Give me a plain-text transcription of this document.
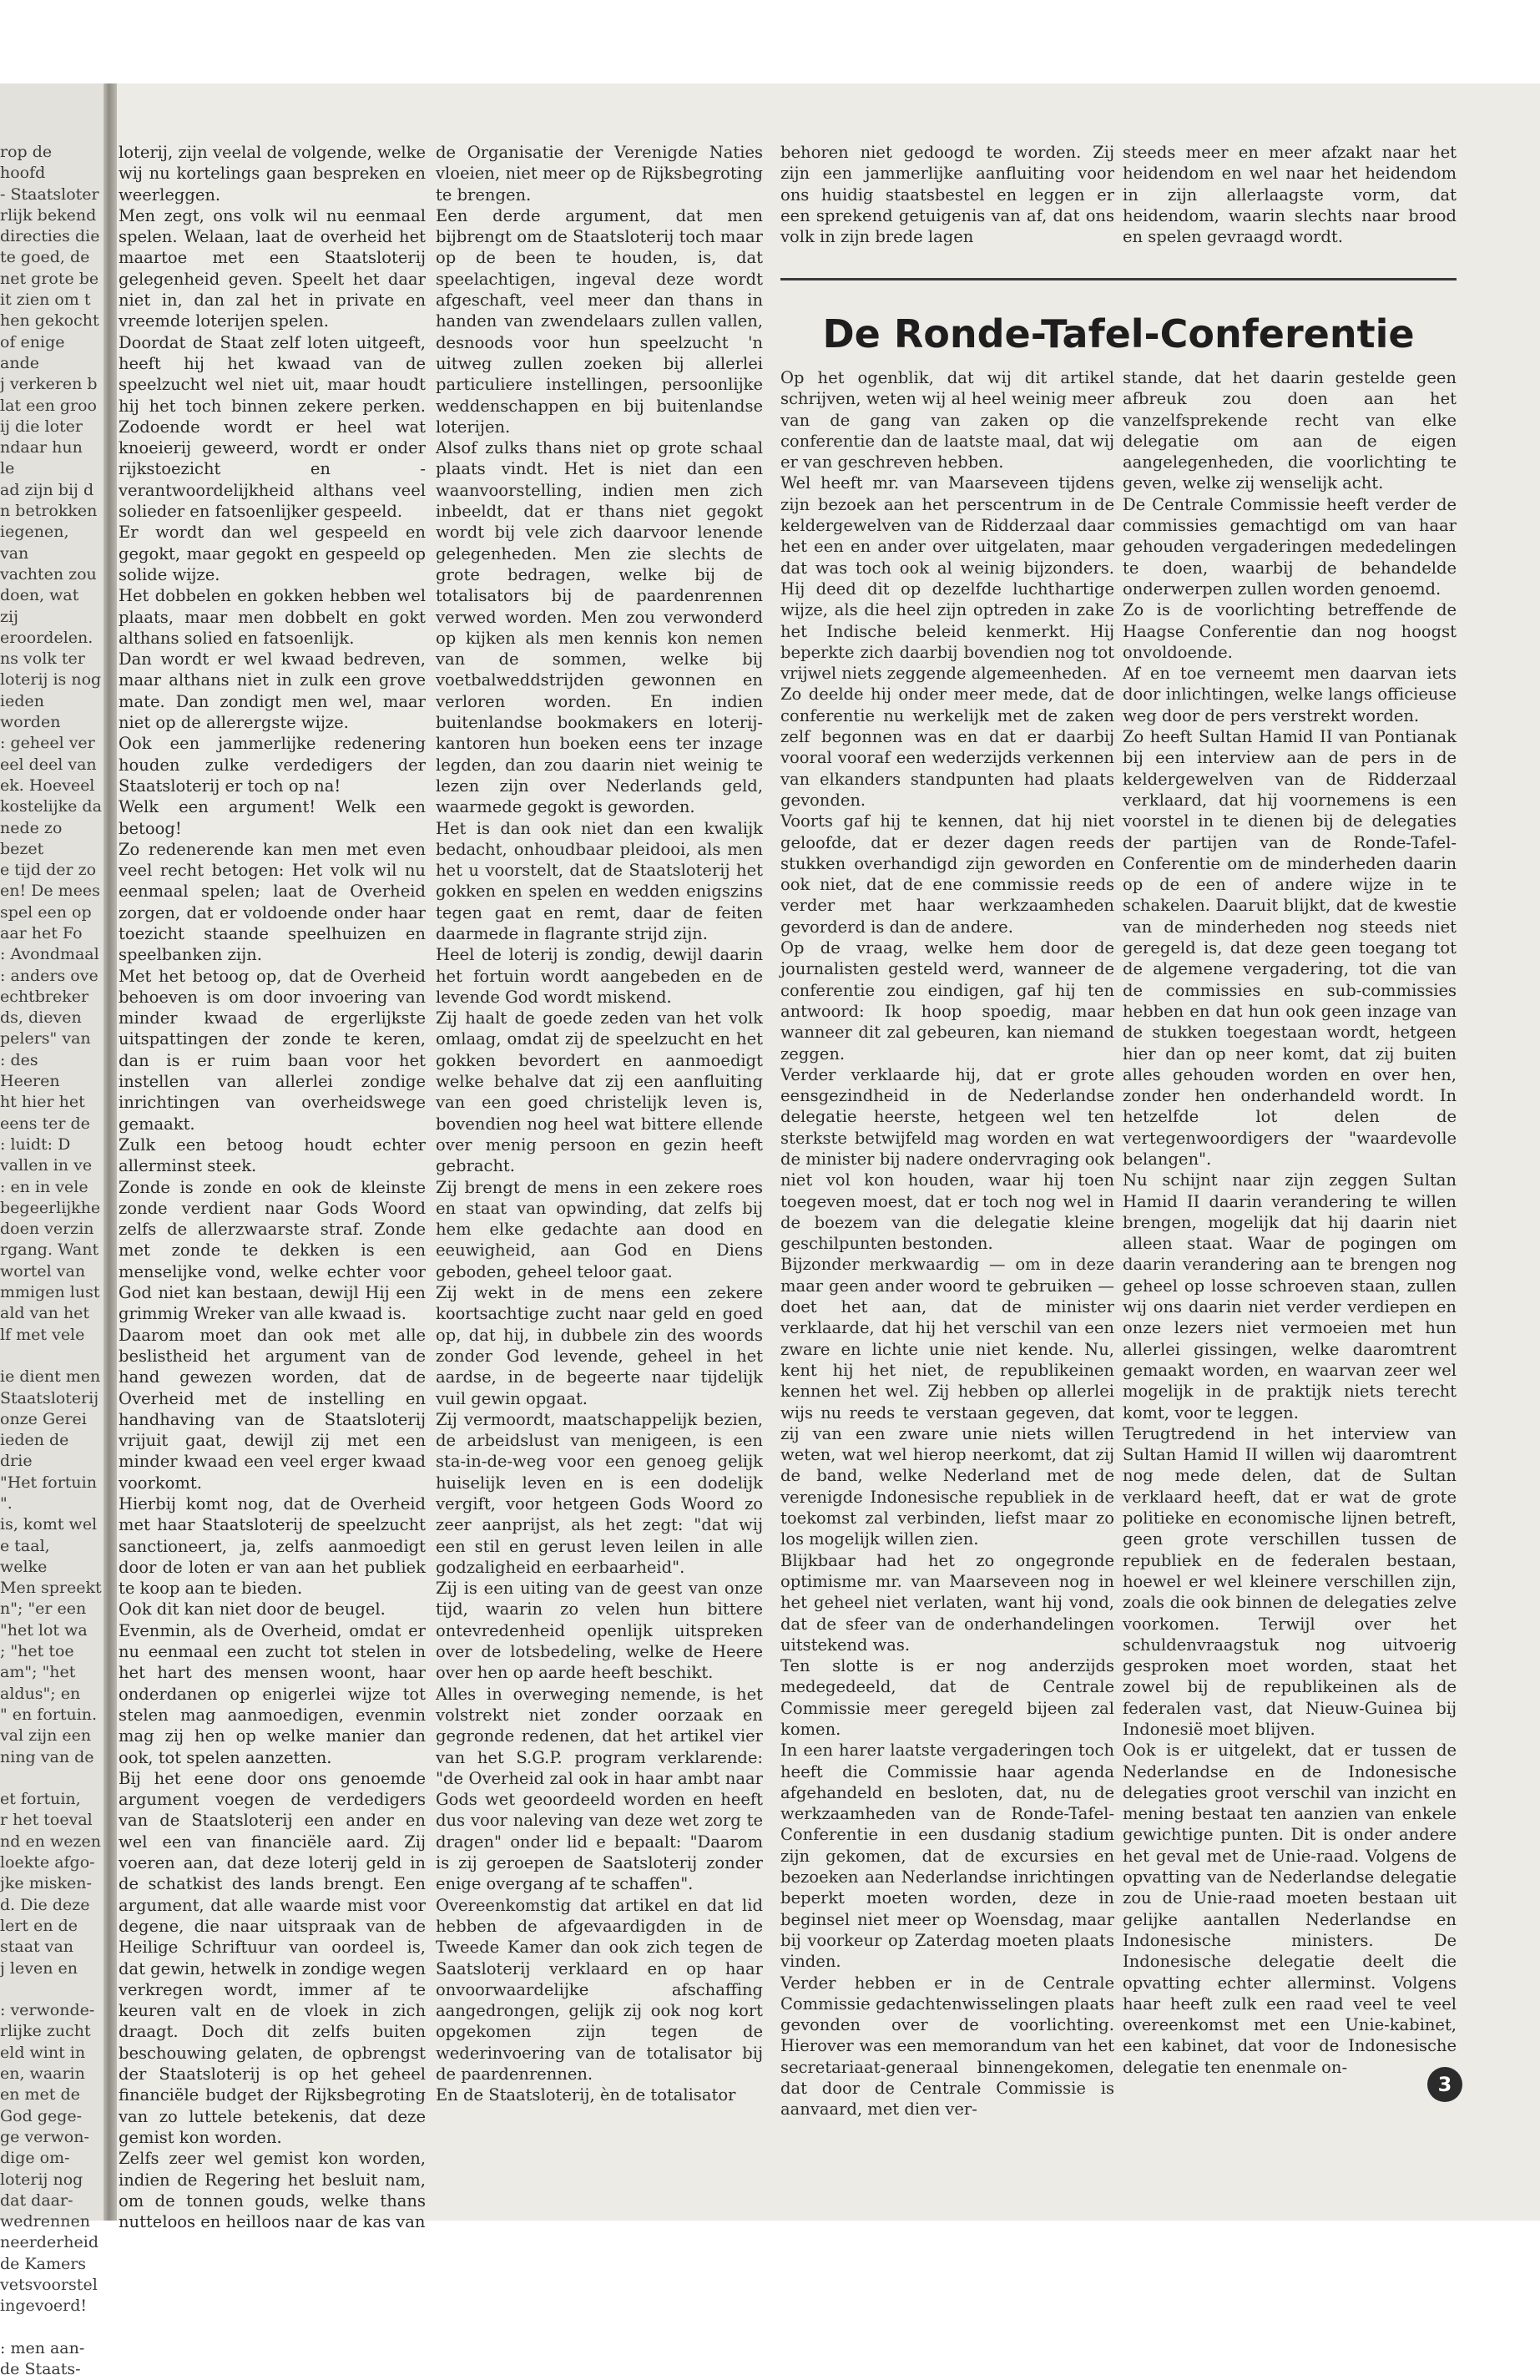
rop de hoofd
- Staatsloter
rlijk bekend
directies die
te goed, de
net grote be
it zien om t
hen gekocht
of enige ande
j verkeren b
lat een groo
ij die loter
ndaar hun le
ad zijn bij d
n betrokken
iegenen, van
vachten zou
doen, wat zij
eroordelen.
ns volk ter
loterij is nog
ieden worden
: geheel ver
eel deel van
ek. Hoeveel
kostelijke da
nede zo bezet
e tijd der zo
en! De mees
spel een op
aar het Fo
: Avondmaal
: anders ove
echtbreker
ds, dieven
pelers" van
: des Heeren
ht hier het
eens ter de
: luidt: D
vallen in ve
: en in vele
begeerlijkhe
doen verzin
rgang. Want
wortel van
mmigen lust
ald van het
lf met vele

ie dient men
Staatsloterij
onze Gerei
ieden de drie
"Het fortuin
".
is, komt wel
e taal, welke
Men spreekt
n"; "er een
"het lot wa
; "het toe
am"; "het
aldus"; en
" en fortuin.
val zijn een
ning van de

et fortuin,
r het toeval
nd en wezen
loekte afgo-
jke misken-
d. Die deze
lert en de
staat van
j leven en

: verwonde-
rlijke zucht
eld wint in
en, waarin
en met de
God gege-
ge verwon-
dige om-
loterij nog
dat daar-
wedrennen
neerderheid
de Kamers
vetsvoorstel
ingevoerd!

: men aan-
de Staats-
loterij, zijn veelal de volgende, welke wij nu kortelings gaan bespreken en weerleggen.
Men zegt, ons volk wil nu eenmaal spelen. Welaan, laat de overheid het maartoe met een Staatsloterij gelegenheid geven. Speelt het daar niet in, dan zal het in private en vreemde loterijen spelen.
Doordat de Staat zelf loten uitgeeft, heeft hij het kwaad van de speelzucht wel niet uit, maar houdt hij het toch binnen zekere perken. Zodoende wordt er heel wat knoeierij geweerd, wordt er onder rijkstoezicht en -verantwoordelijkheid althans veel solieder en fatsoenlijker gespeeld.
Er wordt dan wel gespeeld en gegokt, maar gegokt en gespeeld op solide wijze.
Het dobbelen en gokken hebben wel plaats, maar men dobbelt en gokt althans solied en fatsoenlijk.
Dan wordt er wel kwaad bedreven, maar althans niet in zulk een grove mate. Dan zondigt men wel, maar niet op de allerergste wijze.
Ook een jammerlijke redenering houden zulke verdedigers der Staatsloterij er toch op na!
Welk een argument! Welk een betoog!
Zo redenerende kan men met even veel recht betogen: Het volk wil nu eenmaal spelen; laat de Overheid zorgen, dat er voldoende onder haar toezicht staande speelhuizen en speelbanken zijn.
Met het betoog op, dat de Overheid behoeven is om door invoering van minder kwaad de ergerlijkste uitspattingen der zonde te keren, dan is er ruim baan voor het instellen van allerlei zondige inrichtingen van overheidswege gemaakt.
Zulk een betoog houdt echter allerminst steek.
Zonde is zonde en ook de kleinste zonde verdient naar Gods Woord zelfs de allerzwaarste straf. Zonde met zonde te dekken is een menselijke vond, welke echter voor God niet kan bestaan, dewijl Hij een grimmig Wreker van alle kwaad is.
Daarom moet dan ook met alle beslistheid het argument van de hand gewezen worden, dat de Overheid met de instelling en handhaving van de Staatsloterij vrijuit gaat, dewijl zij met een minder kwaad een veel erger kwaad voorkomt.
Hierbij komt nog, dat de Overheid met haar Staatsloterij de speelzucht sanctioneert, ja, zelfs aanmoedigt door de loten er van aan het publiek te koop aan te bieden.
Ook dit kan niet door de beugel.
Evenmin, als de Overheid, omdat er nu eenmaal een zucht tot stelen in het hart des mensen woont, haar onderdanen op enigerlei wijze tot stelen mag aanmoedigen, evenmin mag zij hen op welke manier dan ook, tot spelen aanzetten.
Bij het eene door ons genoemde argument voegen de verdedigers van de Staatsloterij een ander en wel een van financiële aard. Zij voeren aan, dat deze loterij geld in de schatkist des lands brengt. Een argument, dat alle waarde mist voor degene, die naar uitspraak van de Heilige Schriftuur van oordeel is, dat gewin, hetwelk in zondige wegen verkregen wordt, immer af te keuren valt en de vloek in zich draagt. Doch dit zelfs buiten beschouwing gelaten, de opbrengst der Staatsloterij is op het geheel financiële budget der Rijksbegroting van zo luttele betekenis, dat deze gemist kon worden.
Zelfs zeer wel gemist kon worden, indien de Regering het besluit nam, om de tonnen gouds, welke thans nutteloos en heilloos naar de kas van
de Organisatie der Verenigde Naties vloeien, niet meer op de Rijksbegroting te brengen.
Een derde argument, dat men bijbrengt om de Staatsloterij toch maar op de been te houden, is, dat speelachtigen, ingeval deze wordt afgeschaft, veel meer dan thans in handen van zwendelaars zullen vallen, desnoods voor hun speelzucht 'n uitweg zullen zoeken bij allerlei particuliere instellingen, persoonlijke weddenschappen en bij buitenlandse loterijen.
Alsof zulks thans niet op grote schaal plaats vindt. Het is niet dan een waanvoorstelling, indien men zich inbeeldt, dat er thans niet gegokt wordt bij vele zich daarvoor lenende gelegenheden. Men zie slechts de grote bedragen, welke bij de totalisators bij de paardenrennen verwed worden. Men zou verwonderd op kijken als men kennis kon nemen van de sommen, welke bij voetbalweddstrijden gewonnen en verloren worden. En indien buitenlandse bookmakers en loterij-kantoren hun boeken eens ter inzage legden, dan zou daarin niet weinig te lezen zijn over Nederlands geld, waarmede gegokt is geworden.
Het is dan ook niet dan een kwalijk bedacht, onhoudbaar pleidooi, als men het u voorstelt, dat de Staatsloterij het gokken en spelen en wedden enigszins tegen gaat en remt, daar de feiten daarmede in flagrante strijd zijn.
Heel de loterij is zondig, dewijl daarin het fortuin wordt aangebeden en de levende God wordt miskend.
Zij haalt de goede zeden van het volk omlaag, omdat zij de speelzucht en het gokken bevordert en aanmoedigt welke behalve dat zij een aanfluiting van een goed christelijk leven is, bovendien nog heel wat bittere ellende over menig persoon en gezin heeft gebracht.
Zij brengt de mens in een zekere roes en staat van opwinding, dat zelfs bij hem elke gedachte aan dood en eeuwigheid, aan God en Diens geboden, geheel teloor gaat.
Zij wekt in de mens een zekere koortsachtige zucht naar geld en goed op, dat hij, in dubbele zin des woords zonder God levende, geheel in het aardse, in de begeerte naar tijdelijk vuil gewin opgaat.
Zij vermoordt, maatschappelijk bezien, de arbeidslust van menigeen, is een sta-in-de-weg voor een genoeg gelijk huiselijk leven en is een dodelijk vergift, voor hetgeen Gods Woord zo zeer aanprijst, als het zegt: "dat wij een stil en gerust leven leilen in alle godzaligheid en eerbaarheid".
Zij is een uiting van de geest van onze tijd, waarin zo velen hun bittere ontevredenheid openlijk uitspreken over de lotsbedeling, welke de Heere over hen op aarde heeft beschikt.
Alles in overweging nemende, is het volstrekt niet zonder oorzaak en gegronde redenen, dat het artikel vier van het S.G.P. program verklarende: "de Overheid zal ook in haar ambt naar Gods wet geoordeeld worden en heeft dus voor naleving van deze wet zorg te dragen" onder lid e bepaalt: "Daarom is zij geroepen de Saatsloterij zonder enige overgang af te schaffen".
Overeenkomstig dat artikel en dat lid hebben de afgevaardigden in de Tweede Kamer dan ook zich tegen de Saatsloterij verklaard en op haar onvoorwaardelijke afschaffing aangedrongen, gelijk zij ook nog kort opgekomen zijn tegen de wederinvoering van de totalisator bij de paardenrennen.
En de Staatsloterij, èn de totalisator
behoren niet gedoogd te worden. Zij zijn een jammerlijke aanfluiting voor ons huidig staatsbestel en leggen er een sprekend getuigenis van af, dat ons volk in zijn brede lagen
steeds meer en meer afzakt naar het heidendom en wel naar het heidendom in zijn allerlaagste vorm, dat heidendom, waarin slechts naar brood en spelen gevraagd wordt.
De Ronde-Tafel-Conferentie
Op het ogenblik, dat wij dit artikel schrijven, weten wij al heel weinig meer van de gang van zaken op die conferentie dan de laatste maal, dat wij er van geschreven hebben.
Wel heeft mr. van Maarseveen tijdens zijn bezoek aan het perscentrum in de keldergewelven van de Ridderzaal daar het een en ander over uitgelaten, maar dat was toch ook al weinig bijzonders. Hij deed dit op dezelfde luchthartige wijze, als die heel zijn optreden in zake het Indische beleid kenmerkt. Hij beperkte zich daarbij bovendien nog tot vrijwel niets zeggende algemeenheden.
Zo deelde hij onder meer mede, dat de conferentie nu werkelijk met de zaken zelf begonnen was en dat er daarbij vooral vooraf een wederzijds verkennen van elkanders standpunten had plaats gevonden.
Voorts gaf hij te kennen, dat hij niet geloofde, dat er dezer dagen reeds stukken overhandigd zijn geworden en ook niet, dat de ene commissie reeds verder met haar werkzaamheden gevorderd is dan de andere.
Op de vraag, welke hem door de journalisten gesteld werd, wanneer de conferentie zou eindigen, gaf hij ten antwoord: Ik hoop spoedig, maar wanneer dit zal gebeuren, kan niemand zeggen.
Verder verklaarde hij, dat er grote eensgezindheid in de Nederlandse delegatie heerste, hetgeen wel ten sterkste betwijfeld mag worden en wat de minister bij nadere ondervraging ook niet vol kon houden, waar hij toen toegeven moest, dat er toch nog wel in de boezem van die delegatie kleine geschilpunten bestonden.
Bijzonder merkwaardig — om in deze maar geen ander woord te gebruiken — doet het aan, dat de minister verklaarde, dat hij het verschil van een zware en lichte unie niet kende. Nu, kent hij het niet, de republikeinen kennen het wel. Zij hebben op allerlei wijs nu reeds te verstaan gegeven, dat zij van een zware unie niets willen weten, wat wel hierop neerkomt, dat zij de band, welke Nederland met de verenigde Indonesische republiek in de toekomst zal verbinden, liefst maar zo los mogelijk willen zien.
Blijkbaar had het zo ongegronde optimisme mr. van Maarseveen nog in het geheel niet verlaten, want hij vond, dat de sfeer van de onderhandelingen uitstekend was.
Ten slotte is er nog anderzijds medegedeeld, dat de Centrale Commissie meer geregeld bijeen zal komen.
In een harer laatste vergaderingen toch heeft die Commissie haar agenda afgehandeld en besloten, dat, nu de werkzaamheden van de Ronde-Tafel-Conferentie in een dusdanig stadium zijn gekomen, dat de excursies en bezoeken aan Nederlandse inrichtingen beperkt moeten worden, deze in beginsel niet meer op Woensdag, maar bij voorkeur op Zaterdag moeten plaats vinden.
Verder hebben er in de Centrale Commissie gedachtenwisselingen plaats gevonden over de voorlichting. Hierover was een memorandum van het secretariaat-generaal binnengekomen, dat door de Centrale Commissie is aanvaard, met dien ver-
stande, dat het daarin gestelde geen afbreuk zou doen aan het vanzelfsprekende recht van elke delegatie om aan de eigen aangelegenheden, die voorlichting te geven, welke zij wenselijk acht.
De Centrale Commissie heeft verder de commissies gemachtigd om van haar gehouden vergaderingen mededelingen te doen, waarbij de behandelde onderwerpen zullen worden genoemd.
Zo is de voorlichting betreffende de Haagse Conferentie dan nog hoogst onvoldoende.
Af en toe verneemt men daarvan iets door inlichtingen, welke langs officieuse weg door de pers verstrekt worden.
Zo heeft Sultan Hamid II van Pontianak bij een interview aan de pers in de keldergewelven van de Ridderzaal verklaard, dat hij voornemens is een voorstel in te dienen bij de delegaties der partijen van de Ronde-Tafel-Conferentie om de minderheden daarin op de een of andere wijze in te schakelen. Daaruit blijkt, dat de kwestie van de minderheden nog steeds niet geregeld is, dat deze geen toegang tot de algemene vergadering, tot die van de commissies en sub-commissies hebben en dat hun ook geen inzage van de stukken toegestaan wordt, hetgeen hier dan op neer komt, dat zij buiten alles gehouden worden en over hen, zonder hen onderhandeld wordt. In hetzelfde lot delen de vertegenwoordigers der "waardevolle belangen".
Nu schijnt naar zijn zeggen Sultan Hamid II daarin verandering te willen brengen, mogelijk dat hij daarin niet alleen staat. Waar de pogingen om daarin verandering aan te brengen nog geheel op losse schroeven staan, zullen wij ons daarin niet verder verdiepen en onze lezers niet vermoeien met hun allerlei gissingen, welke daaromtrent gemaakt worden, en waarvan zeer wel mogelijk in de praktijk niets terecht komt, voor te leggen.
Terugtredend in het interview van Sultan Hamid II willen wij daaromtrent nog mede delen, dat de Sultan verklaard heeft, dat er wat de grote politieke en economische lijnen betreft, geen grote verschillen tussen de republiek en de federalen bestaan, hoewel er wel kleinere verschillen zijn, zoals die ook binnen de delegaties zelve voorkomen. Terwijl over het schuldenvraagstuk nog uitvoerig gesproken moet worden, staat het zowel bij de republikeinen als de federalen vast, dat Nieuw-Guinea bij Indonesië moet blijven.
Ook is er uitgelekt, dat er tussen de Nederlandse en de Indonesische delegaties groot verschil van inzicht en mening bestaat ten aanzien van enkele gewichtige punten. Dit is onder andere het geval met de Unie-raad. Volgens de opvatting van de Nederlandse delegatie zou de Unie-raad moeten bestaan uit gelijke aantallen Nederlandse en Indonesische ministers. De Indonesische delegatie deelt die opvatting echter allerminst. Volgens haar heeft zulk een raad veel te veel overeenkomst met een Unie-kabinet, een kabinet, dat voor de Indonesische delegatie ten enenmale on-
3
